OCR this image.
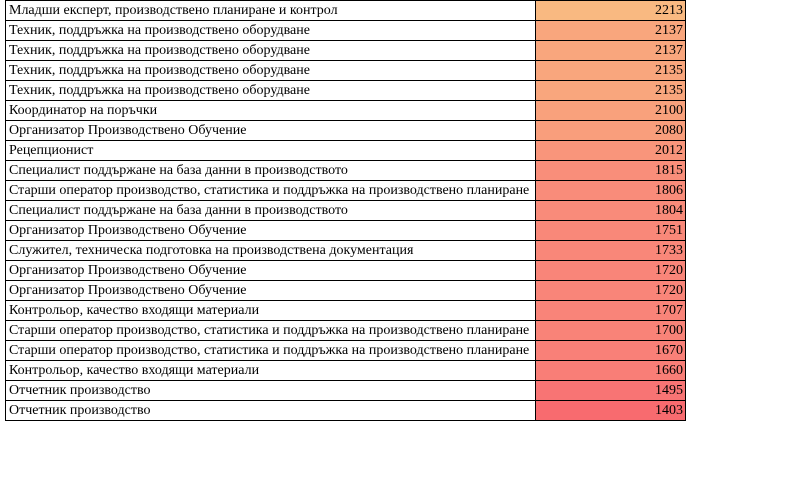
Младши експерт, производствено планиране и контрол	2213
Техник, поддръжка на производствено оборудване	2137
Техник, поддръжка на производствено оборудване	2137
Техник, поддръжка на производствено оборудване	2135
Техник, поддръжка на производствено оборудване	2135
Координатор на поръчки	2100
Организатор Производствено Обучение	2080
Рецепционист	2012
Специалист поддържане на база данни в производството	1815
Старши оператор производство, статистика и поддръжка на производствено планиране	1806
Специалист поддържане на база данни в производството	1804
Организатор Производствено Обучение	1751
Служител, техническа подготовка на производствена документация	1733
Организатор Производствено Обучение	1720
Организатор Производствено Обучение	1720
Контрольор, качество входящи материали	1707
Старши оператор производство, статистика и поддръжка на производствено планиране	1700
Старши оператор производство, статистика и поддръжка на производствено планиране	1670
Контрольор, качество входящи материали	1660
Отчетник производство	1495
Отчетник производство	1403
